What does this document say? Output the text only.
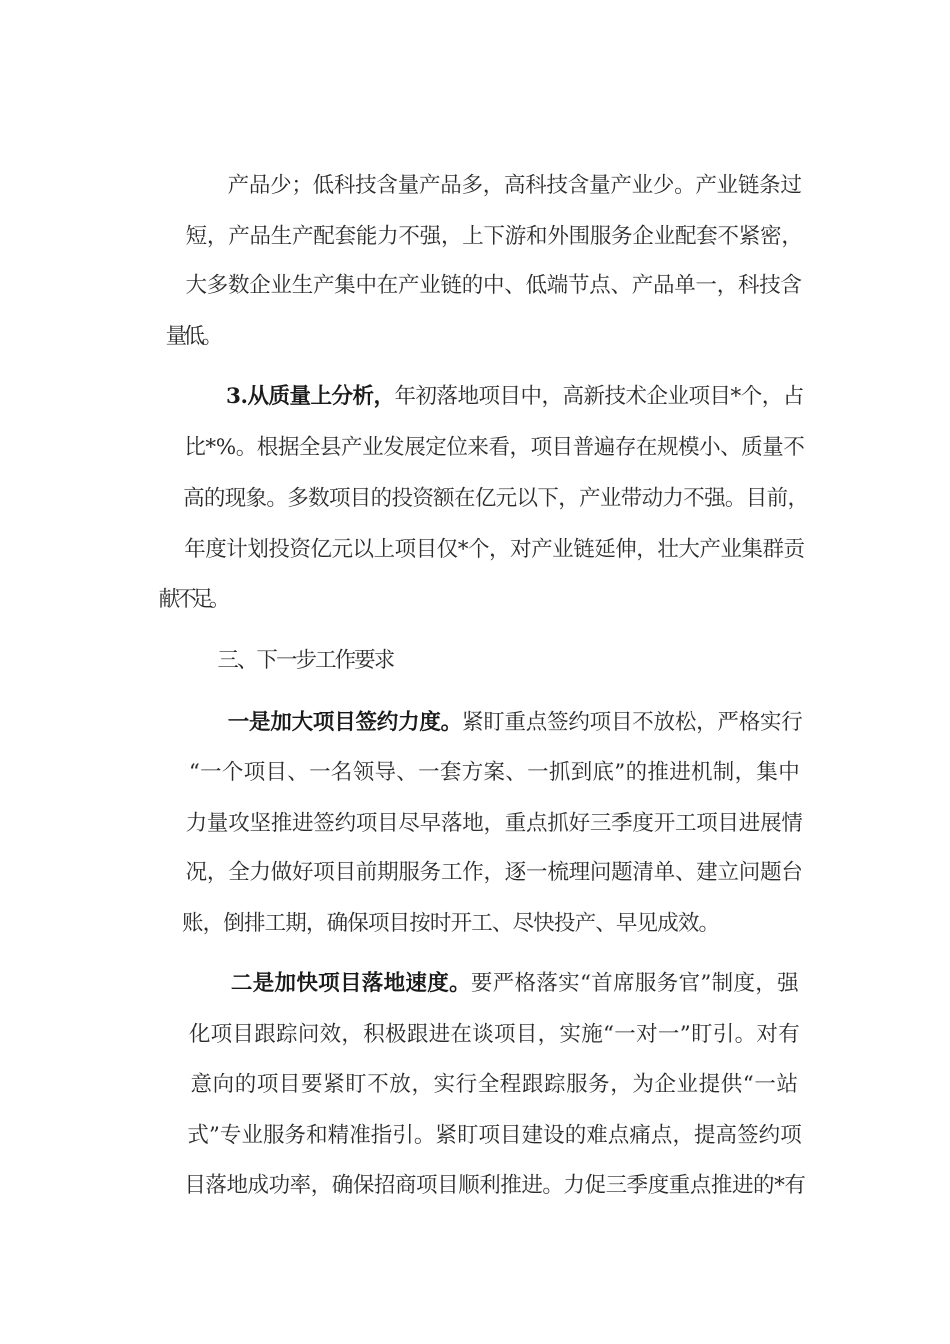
产品少；低科技含量产品多，高科技含量产业少。产业链条过

短，产品生产配套能力不强，上下游和外围服务企业配套不紧密，

大多数企业生产集中在产业链的中、低端节点、产品单一，科技含

量低。

3.从质量上分析，年初落地项目中，高新技术企业项目*个，占

比*%。根据全县产业发展定位来看，项目普遍存在规模小、质量不

高的现象。多数项目的投资额在亿元以下，产业带动力不强。目前，

年度计划投资亿元以上项目仅*个，对产业链延伸，壮大产业集群贡

献不足。

三、下一步工作要求

一是加大项目签约力度。紧盯重点签约项目不放松，严格实行

“一个项目、一名领导、一套方案、一抓到底”的推进机制，集中

力量攻坚推进签约项目尽早落地，重点抓好三季度开工项目进展情

况，全力做好项目前期服务工作，逐一梳理问题清单、建立问题台

账，倒排工期，确保项目按时开工、尽快投产、早见成效。

二是加快项目落地速度。要严格落实“首席服务官”制度，强

化项目跟踪问效，积极跟进在谈项目，实施“一对一”盯引。对有

意向的项目要紧盯不放，实行全程跟踪服务，为企业提供“一站

式”专业服务和精准指引。紧盯项目建设的难点痛点，提高签约项

目落地成功率，确保招商项目顺利推进。力促三季度重点推进的*有
